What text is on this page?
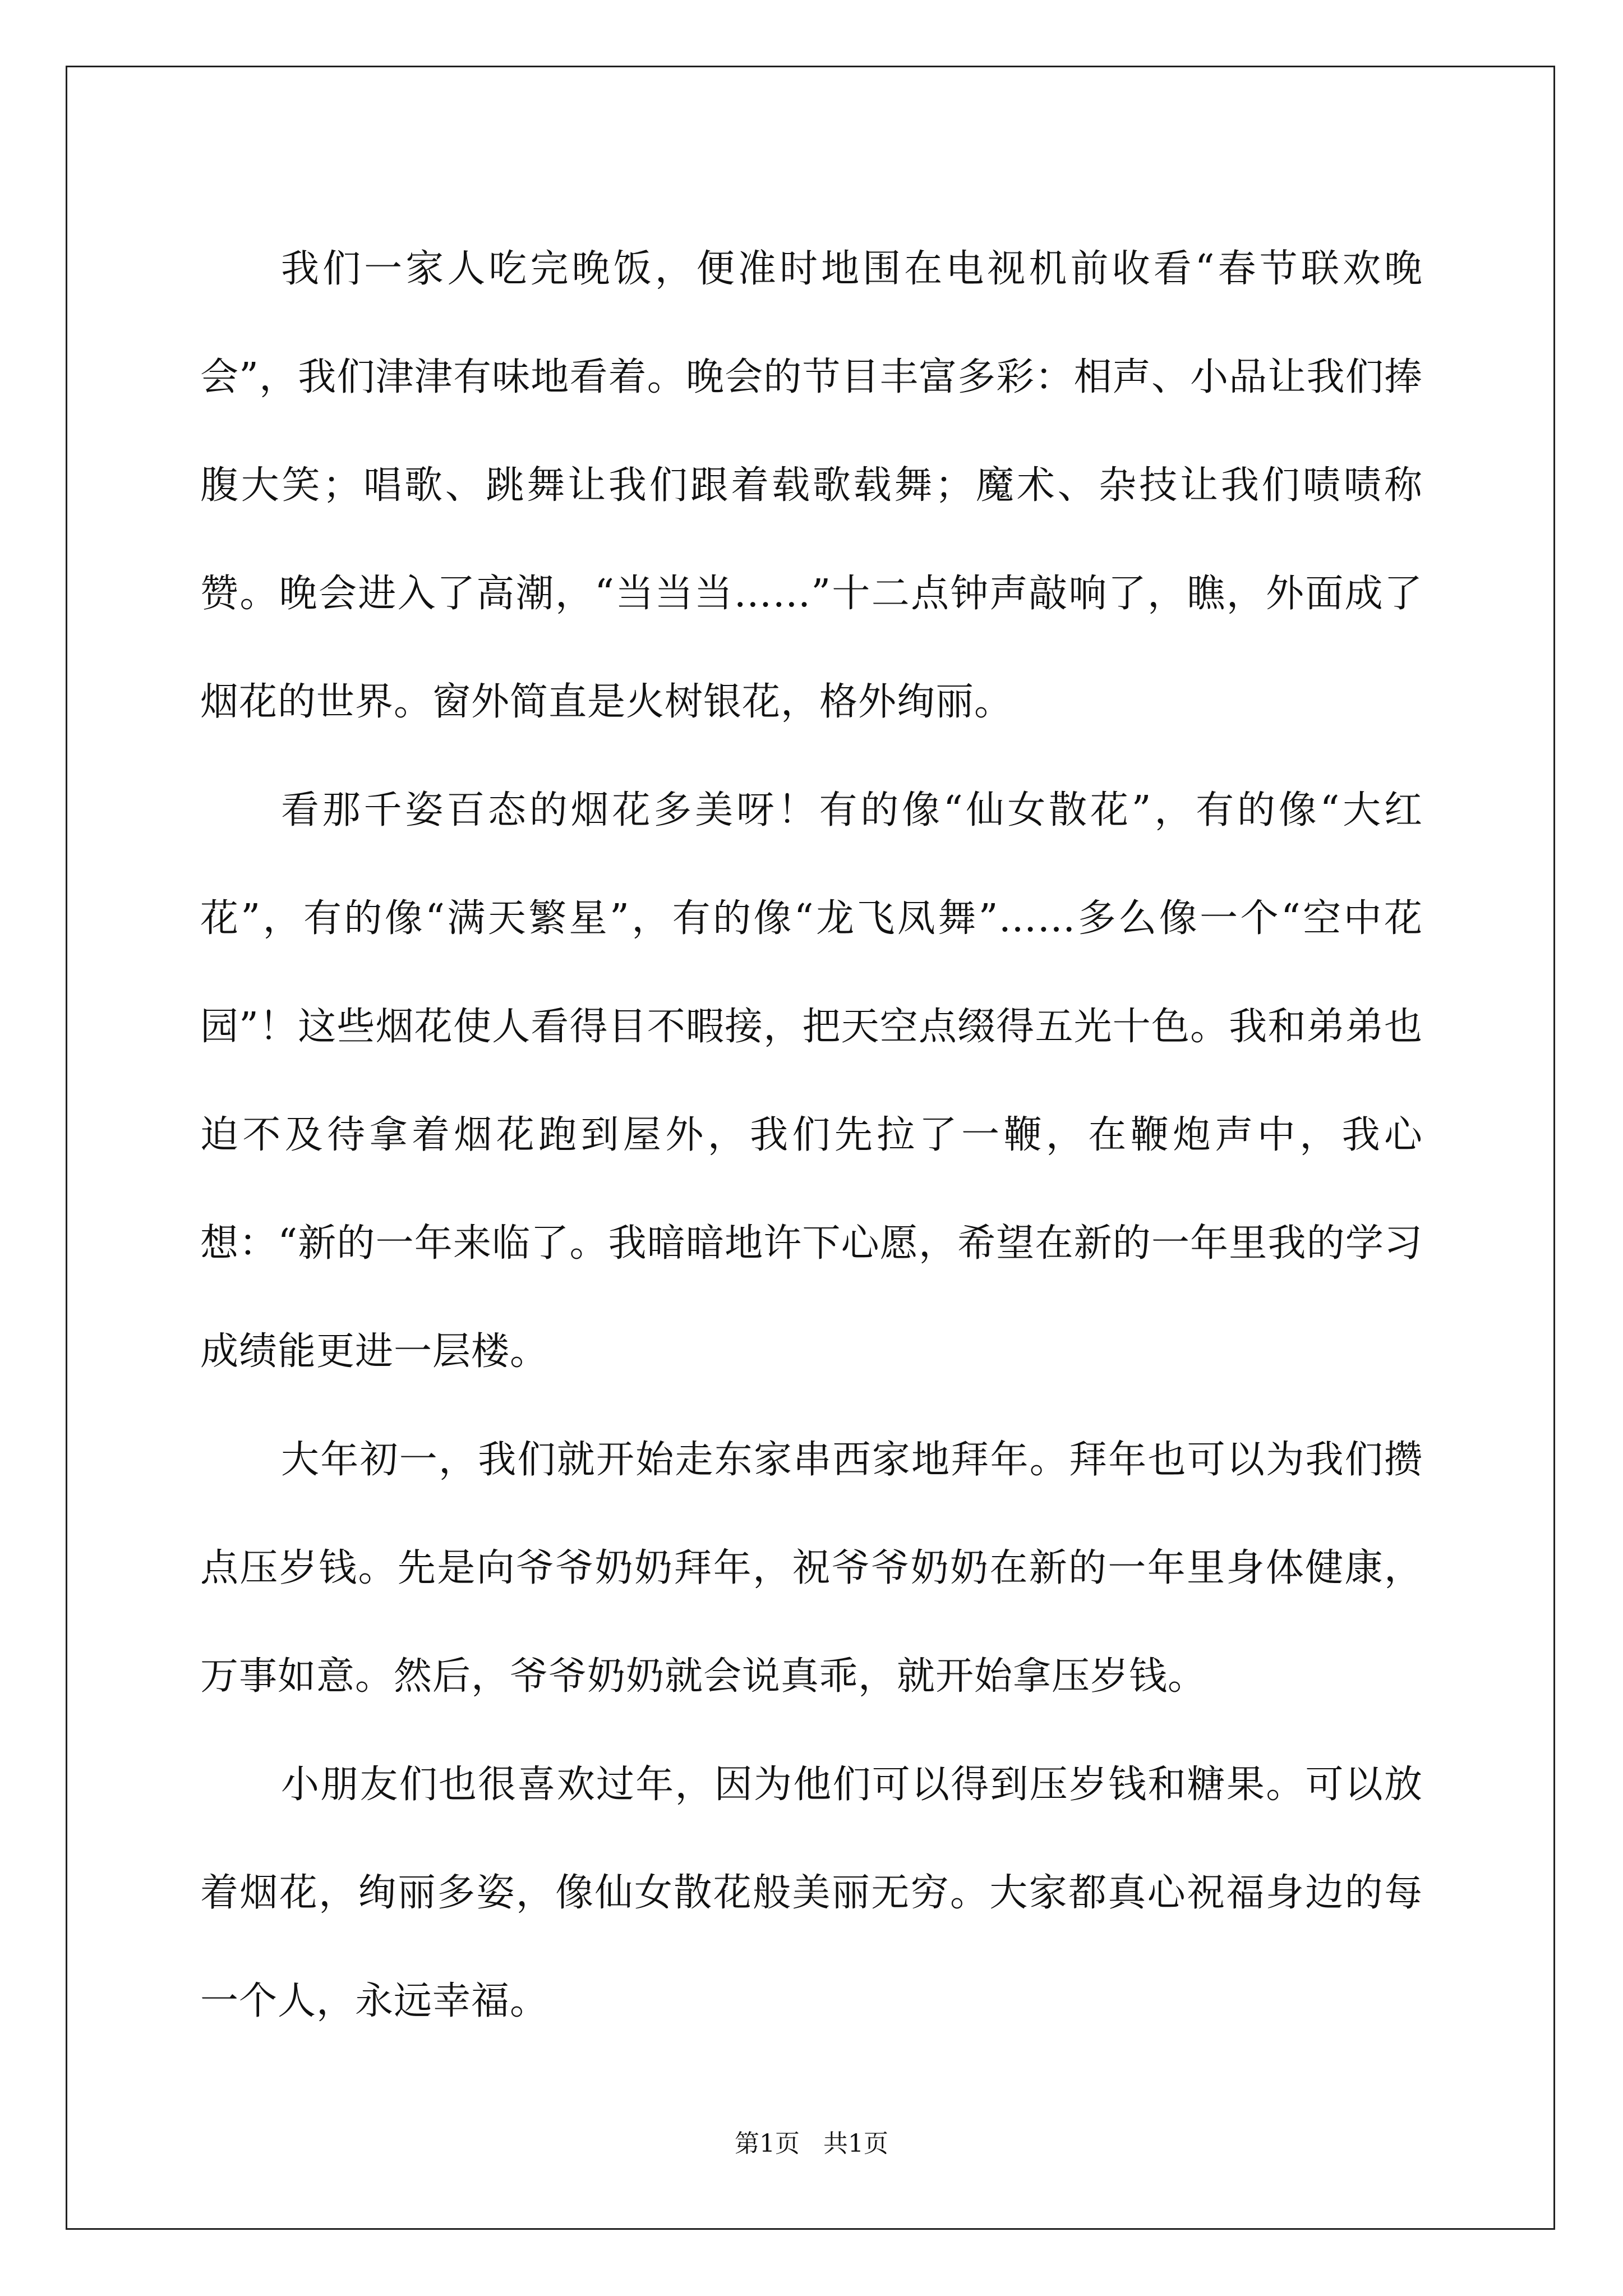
我们一家人吃完晚饭，便准时地围在电视机前收看“春节联欢晚会”，我们津津有味地看着。晚会的节目丰富多彩：相声、小品让我们捧腹大笑；唱歌、跳舞让我们跟着载歌载舞；魔术、杂技让我们啧啧称赞。晚会进入了高潮，“当当当……”十二点钟声敲响了，瞧，外面成了烟花的世界。窗外简直是火树银花，格外绚丽。

看那千姿百态的烟花多美呀！有的像“仙女散花”，有的像“大红花”，有的像“满天繁星”，有的像“龙飞凤舞”……多么像一个“空中花园”！这些烟花使人看得目不暇接，把天空点缀得五光十色。我和弟弟也迫不及待拿着烟花跑到屋外，我们先拉了一鞭，在鞭炮声中，我心想：“新的一年来临了。我暗暗地许下心愿，希望在新的一年里我的学习成绩能更进一层楼。

大年初一，我们就开始走东家串西家地拜年。拜年也可以为我们攒点压岁钱。先是向爷爷奶奶拜年，祝爷爷奶奶在新的一年里身体健康，万事如意。然后，爷爷奶奶就会说真乖，就开始拿压岁钱。

小朋友们也很喜欢过年，因为他们可以得到压岁钱和糖果。可以放着烟花，绚丽多姿，像仙女散花般美丽无穷。大家都真心祝福身边的每一个人，永远幸福。

第1页   共1页
